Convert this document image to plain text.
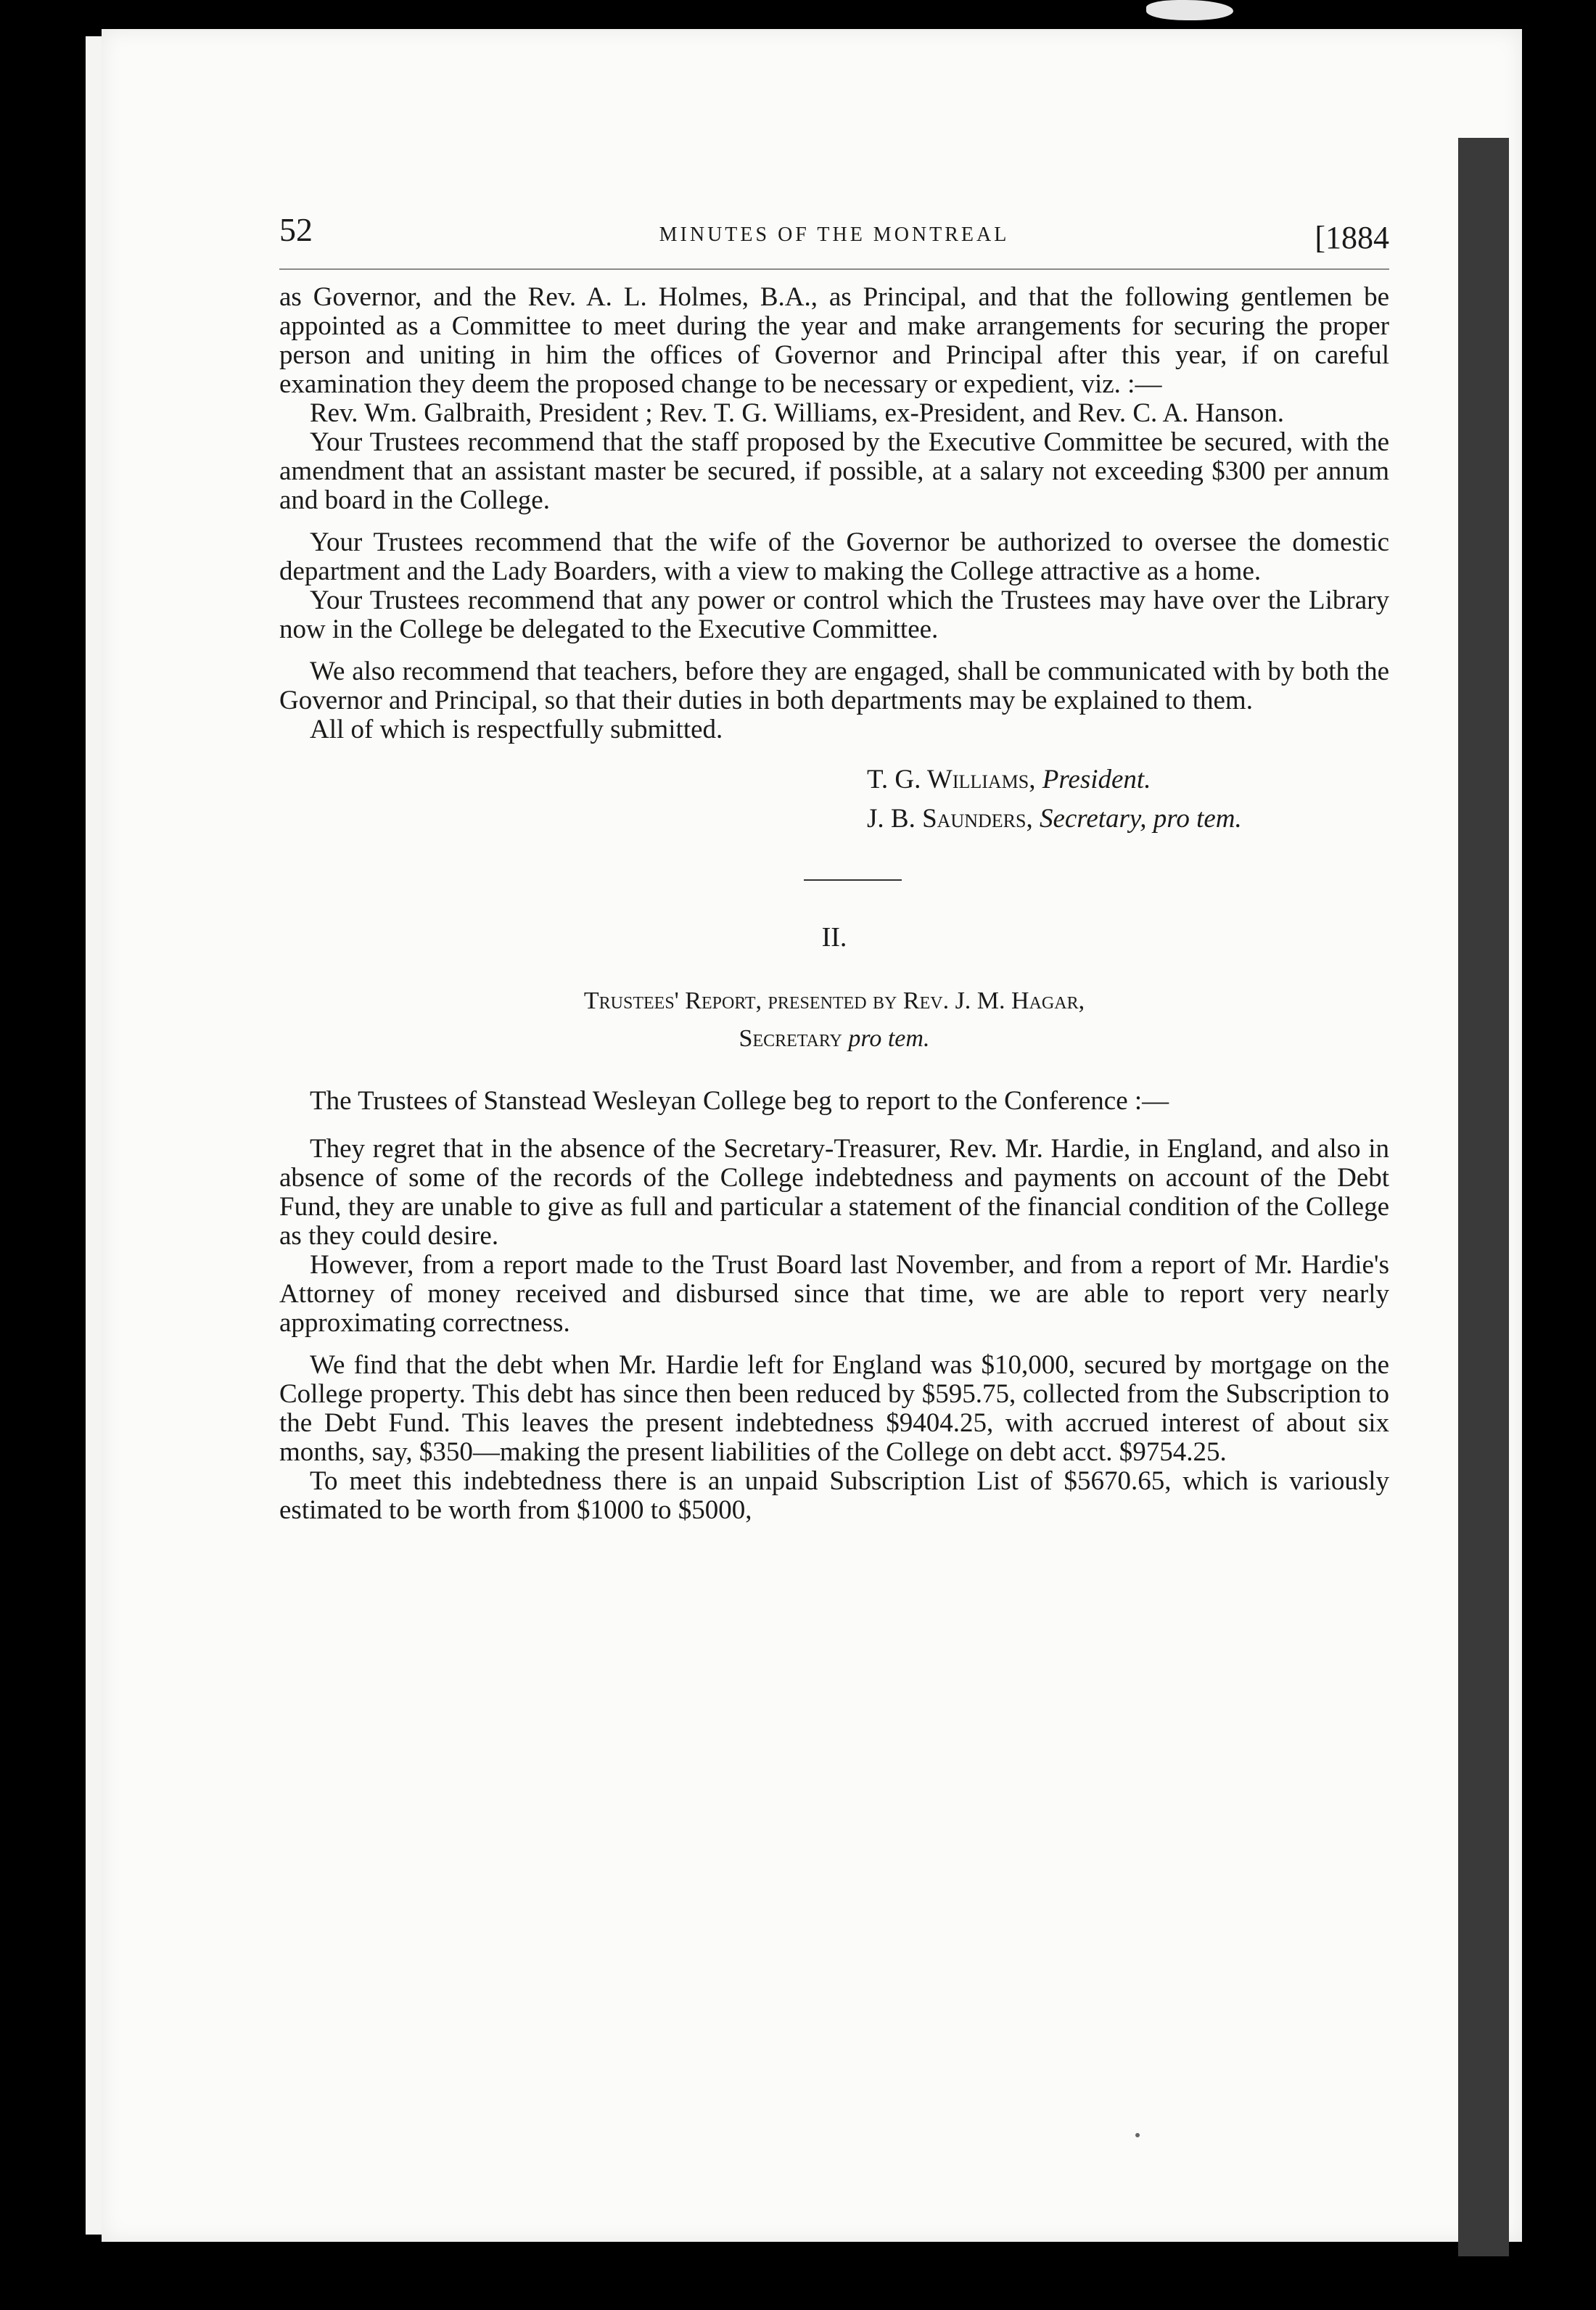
52	MINUTES OF THE MONTREAL	[1884

as Governor, and the Rev. A. L. Holmes, B.A., as Principal, and that the following gentlemen be appointed as a Committee to meet during the year and make arrangements for securing the proper person and uniting in him the offices of Governor and Principal after this year, if on careful examination they deem the proposed change to be necessary or expedient, viz. :—

Rev. Wm. Galbraith, President ; Rev. T. G. Williams, ex-President, and Rev. C. A. Hanson.

Your Trustees recommend that the staff proposed by the Executive Committee be secured, with the amendment that an assistant master be secured, if possible, at a salary not exceeding $300 per annum and board in the College.

Your Trustees recommend that the wife of the Governor be authorized to oversee the domestic department and the Lady Boarders, with a view to making the College attractive as a home.

Your Trustees recommend that any power or control which the Trustees may have over the Library now in the College be delegated to the Executive Committee.

We also recommend that teachers, before they are engaged, shall be communicated with by both the Governor and Principal, so that their duties in both departments may be explained to them.

All of which is respectfully submitted.

T. G. Williams, President.
J. B. Saunders, Secretary, pro tem.
II.
Trustees' Report, presented by Rev. J. M. Hagar,
Secretary pro tem.

The Trustees of Stanstead Wesleyan College beg to report to the Conference :—

They regret that in the absence of the Secretary-Treasurer, Rev. Mr. Hardie, in England, and also in absence of some of the records of the College indebtedness and payments on account of the Debt Fund, they are unable to give as full and particular a statement of the financial condition of the College as they could desire.

However, from a report made to the Trust Board last November, and from a report of Mr. Hardie's Attorney of money received and disbursed since that time, we are able to report very nearly approximating correctness.

We find that the debt when Mr. Hardie left for England was $10,000, secured by mortgage on the College property. This debt has since then been reduced by $595.75, collected from the Subscription to the Debt Fund. This leaves the present indebtedness $9404.25, with accrued interest of about six months, say, $350—making the present liabilities of the College on debt acct. $9754.25.

To meet this indebtedness there is an unpaid Subscription List of $5670.65, which is variously estimated to be worth from $1000 to $5000,
